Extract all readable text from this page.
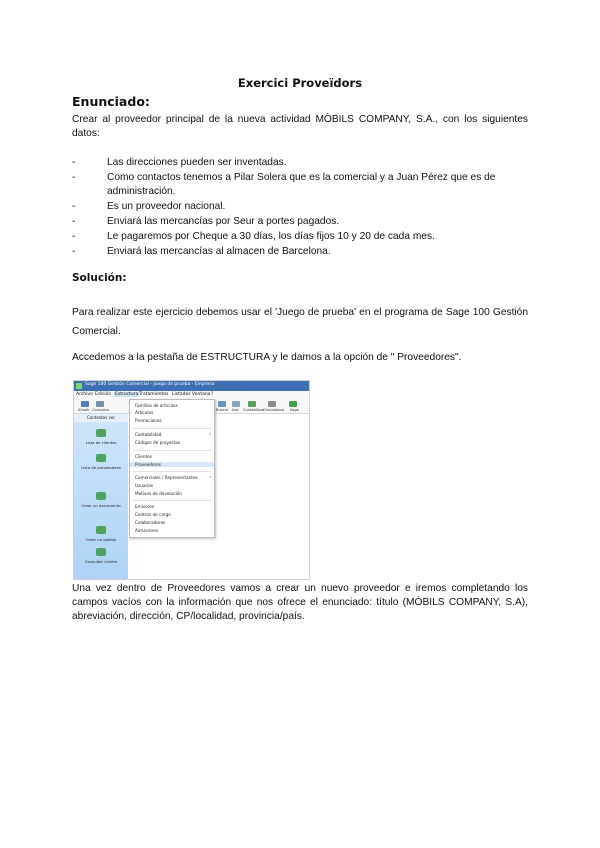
Exercici Proveïdors
Enunciado:
Crear al proveedor principal de la nueva actividad MÒBILS COMPANY, S.A., con los siguientes datos:
-	Las direcciones pueden ser inventadas.
-	Como contactos tenemos a Pilar Solera que es la comercial y a Juan Pérez que es de administración.
-	Es un proveedor nacional.
-	Enviará las mercancías por Seur a portes pagados.
-	Le pagaremos por Cheque a 30 días, los días fijos 10 y 20 de cada mes.
-	Enviará las mercancías al almacen de Barcelona.
Solución:
Para realizar este ejercicio debemos usar el 'Juego de prueba' en el programa de Sage 100 Gestión Comercial.
Accedemos a la pestaña de ESTRUCTURA y le damos a la opción de " Proveedores".
Sage 100 Gestión Comercial - Juego de prueba - Empresa
Archivo Edición Estructura Tratamientos Listados Ventana ?
Añadir Consultar	Buscar Ires Contabilizar
Calculadora Sage
Contextos ver
Lista de clientes
Lista de proveedores
Crear un documento
Crear un pedido
Consultar cliente
Familias de artículos
Artículos
Promociones
Contabilidad	›
Códigos de proyectos
Clientes
Proveedores
Comerciales / Representantes	›
Usuarios
Motivos de devolución
Emisores
Centros de cargo
Colaboradores
Almacenes
Una vez dentro de Proveedores vamos a crear un nuevo proveedor e iremos completando los campos vacíos con la información que nos ofrece el enunciado: título (MÓBILS COMPANY, S.A), abreviación, dirección, CP/localidad, provincia/país.
